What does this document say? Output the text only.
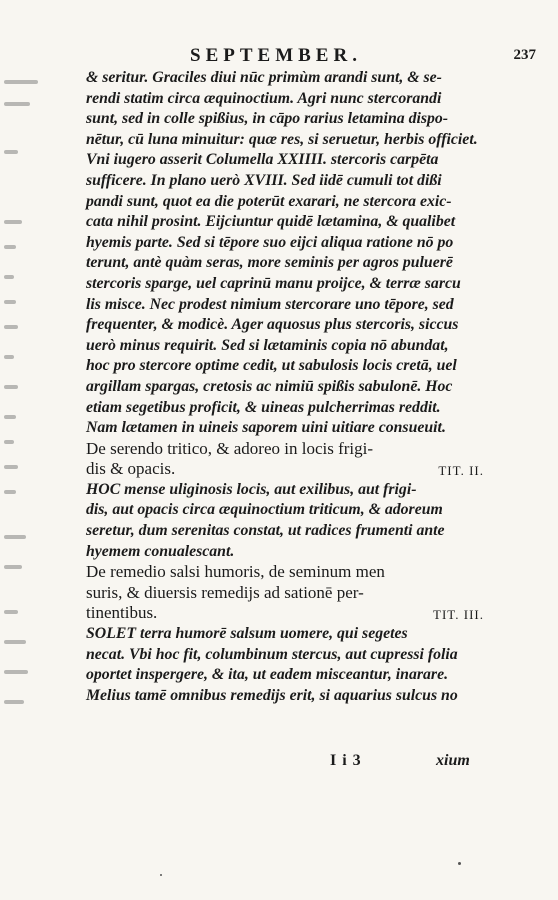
SEPTEMBER.	237
& seritur. Graciles diui nūc primùm arandi sunt, & se-
rendi statim circa æquinoctium. Agri nunc stercorandi
sunt, sed in colle spißius, in cāpo rarius letamina dispo-
nētur, cū luna minuitur: quæ res, si seruetur, herbis officiet.
Vni iugero asserit Columella XXIIII. stercoris carpēta
sufficere. In plano uerò XVIII. Sed iidē cumuli tot dißi
pandi sunt, quot ea die poterūt exarari, ne stercora exic-
cata nihil prosint. Eijciuntur quidē lætamina, & qualibet
hyemis parte. Sed si tēpore suo eijci aliqua ratione nō po
terunt, antè quàm seras, more seminis per agros puluerē
stercoris sparge, uel caprinū manu proijce, & terræ sarcu
lis misce. Nec prodest nimium stercorare uno tēpore, sed
frequenter, & modicè. Ager aquosus plus stercoris, siccus
uerò minus requirit. Sed si lætaminis copia nō abundat,
hoc pro stercore optime cedit, ut sabulosis locis cretā, uel
argillam spargas, cretosis ac nimiū spißis sabulonē. Hoc
etiam segetibus proficit, & uineas pulcherrimas reddit.
Nam lætamen in uineis saporem uini uitiare consueuit.
De serendo tritico, & adoreo in locis frigi-
dis & opacis.	TIT. II.
HOC mense uliginosis locis, aut exilibus, aut frigi-
dis, aut opacis circa æquinoctium triticum, & adoreum
seretur, dum serenitas constat, ut radices frumenti ante
hyemem conualescant.
De remedio salsi humoris, de seminum men
suris, & diuersis remedijs ad sationē per-
tinentibus.	TIT. III.
SOLET terra humorē salsum uomere, qui segetes
necat. Vbi hoc fit, columbinum stercus, aut cupressi folia
oportet inspergere, & ita, ut eadem misceantur, inarare.
Melius tamē omnibus remedijs erit, si aquarius sulcus no
I i 3	xium
